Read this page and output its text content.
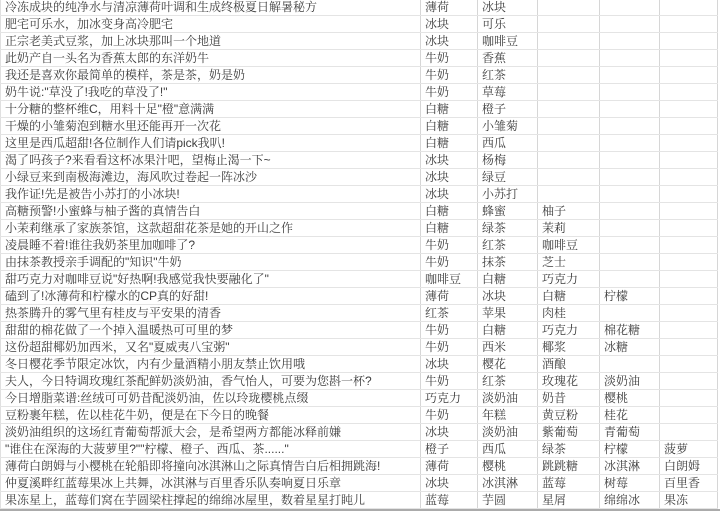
冷冻成块的纯净水与清凉薄荷叶调和生成终极夏日解暑秘方	薄荷	冰块
肥宅可乐水，加冰变身高冷肥宅	冰块	可乐
正宗老美式豆浆，加上冰块那叫一个地道	冰块	咖啡豆
此奶产自一头名为香蕉太郎的东洋奶牛	牛奶	香蕉
我还是喜欢你最简单的模样，茶是茶，奶是奶	牛奶	红茶
奶牛说:"草没了!我吃的草没了!"	牛奶	草莓
十分糖的整杯维C，用料十足"橙"意满满	白糖	橙子
干燥的小雏菊泡到糖水里还能再开一次花	白糖	小雏菊
这里是西瓜超甜!各位制作人们请pick我叭!	白糖	西瓜
渴了吗孩子?来看看这杯冰果汁吧，望梅止渴一下~	冰块	杨梅
小绿豆来到南极海滩边，海风吹过卷起一阵冰沙	冰块	绿豆
我作证!先是被告小苏打的小冰块!	冰块	小苏打
高糖预警!小蜜蜂与柚子酱的真情告白	白糖	蜂蜜	柚子
小茉莉继承了家族茶馆，这款超甜花茶是她的开山之作	白糖	绿茶	茉莉
凌晨睡不着!谁往我奶茶里加咖啡了?	牛奶	红茶	咖啡豆
由抹茶教授亲手调配的"知识"牛奶	牛奶	抹茶	芝士
甜巧克力对咖啡豆说"好热啊!我感觉我快要融化了"	咖啡豆	白糖	巧克力
磕到了!冰薄荷和柠檬水的CP真的好甜!	薄荷	冰块	白糖	柠檬
热茶腾升的雾气里有桂皮与平安果的清香	红茶	苹果	肉桂
甜甜的棉花做了一个掉入温暖热可可里的梦	牛奶	白糖	巧克力	棉花糖
这份超甜椰奶加西米，又名"夏威夷八宝粥"	牛奶	西米	椰浆	冰糖
冬日樱花季节限定冰饮，内有少量酒精小朋友禁止饮用哦	冰块	樱花	酒酿
夫人，今日特调玫瑰红茶配鲜奶淡奶油，香气怡人，可要为您斟一杯?	牛奶	红茶	玫瑰花	淡奶油
今日增脂菜谱:丝绒可可奶昔配淡奶油，佐以玲珑樱桃点缀	巧克力	淡奶油	奶昔	樱桃
豆粉裹年糕，佐以桂花牛奶，便是在下今日的晚餐	牛奶	年糕	黄豆粉	桂花
淡奶油组织的这场红青葡萄帮派大会，是希望两方都能冰释前嫌	冰块	淡奶油	紫葡萄	青葡萄
"谁住在深海的大菠萝里?""柠檬、橙子、西瓜、茶......"	橙子	西瓜	绿茶	柠檬	菠萝
薄荷白朗姆与小樱桃在轮船即将撞向冰淇淋山之际真情告白后相拥跳海!	薄荷	樱桃	跳跳糖	冰淇淋	白朗姆
仲夏溪畔红蓝莓果冰上共舞，冰淇淋与百里香乐队奏响夏日乐章	冰块	冰淇淋	蓝莓	树莓	百里香
果冻星上，蓝莓们窝在芋圆梁柱撑起的绵绵冰屋里，数着星星打盹儿	蓝莓	芋圆	星屑	绵绵冰	果冻
